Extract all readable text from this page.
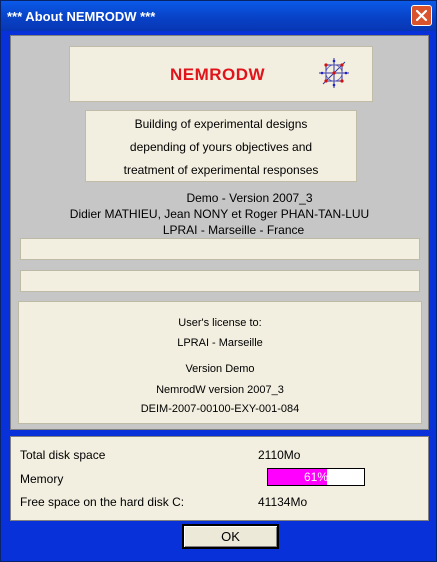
*** About NEMRODW ***
NEMRODW
Building of experimental designs
depending of yours objectives and
treatment of experimental responses
Demo - Version 2007_3
Didier MATHIEU, Jean NONY et Roger PHAN-TAN-LUU
LPRAI - Marseille - France
User's license to:
LPRAI - Marseille
Version Demo
NemrodW version 2007_3
DEIM-2007-00100-EXY-001-084
Total disk space	2110Mo
Memory	61%
Free space on the hard disk C:	41134Mo
OK
